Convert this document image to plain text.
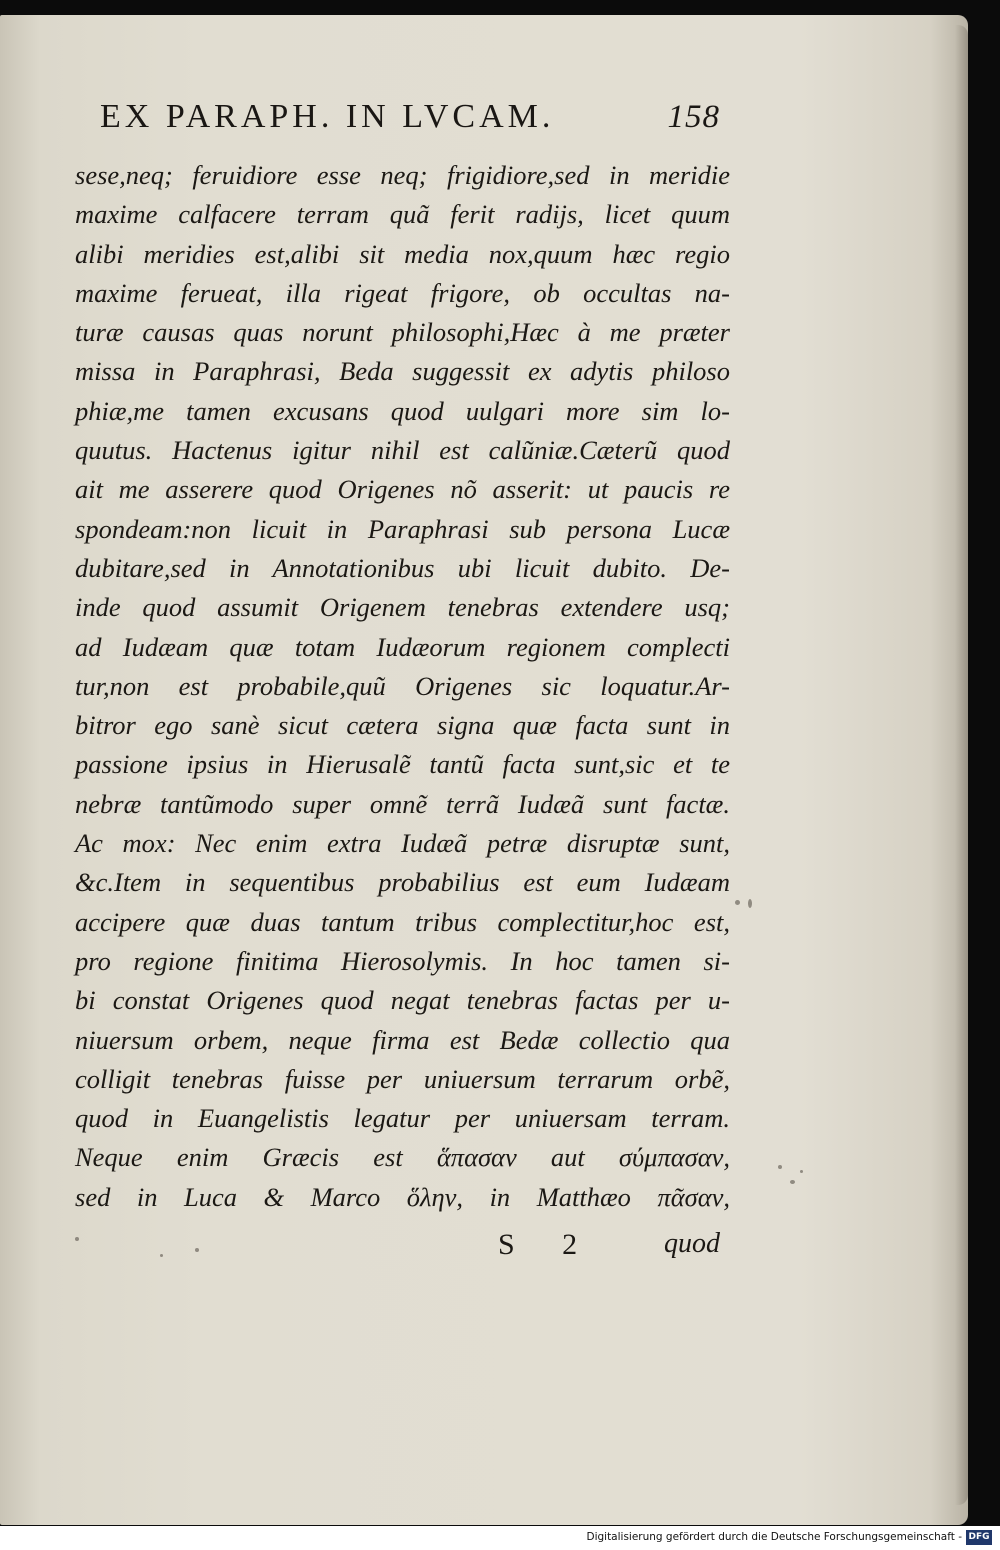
EX PARAPH. IN LVCAM.	158
sese,neq; feruidiore esse neq; frigidiore,sed in meridie
maxime calfacere terram quã ferit radijs, licet quum
alibi meridies est,alibi sit media nox,quum hæc regio
maxime ferueat, illa rigeat frigore, ob occultas na-
turæ causas quas norunt philosophi,Hæc à me præter
missa in Paraphrasi, Beda suggessit ex adytis philoso
phiæ,me tamen excusans quod uulgari more sim lo-
quutus. Hactenus igitur nihil est calũniæ.Cæterũ quod
ait me asserere quod Origenes nõ asserit: ut paucis re
spondeam:non licuit in Paraphrasi sub persona Lucæ
dubitare,sed in Annotationibus ubi licuit dubito. De-
inde quod assumit Origenem tenebras extendere usq;
ad Iudæam quæ totam Iudæorum regionem complecti
tur,non est probabile,quũ Origenes sic loquatur.Ar-
bitror ego sanè sicut cætera signa quæ facta sunt in
passione ipsius in Hierusalẽ tantũ facta sunt,sic et te
nebræ tantũmodo super omnẽ terrã Iudæã sunt factæ.
Ac mox: Nec enim extra Iudæã petræ disruptæ sunt,
&c.Item in sequentibus probabilius est eum Iudæam
accipere quæ duas tantum tribus complectitur,hoc est,
pro regione finitima Hierosolymis. In hoc tamen si-
bi constat Origenes quod negat tenebras factas per u-
niuersum orbem, neque firma est Bedæ collectio qua
colligit tenebras fuisse per uniuersum terrarum orbẽ,
quod in Euangelistis legatur per uniuersam terram.
Neque enim Græcis est ἅπασαν aut σύμπασαν,
sed in Luca & Marco ὅλην, in Matthæo πᾶσαν,
S 2 quod
Digitalisierung gefördert durch die Deutsche Forschungsgemeinschaft - DFG
